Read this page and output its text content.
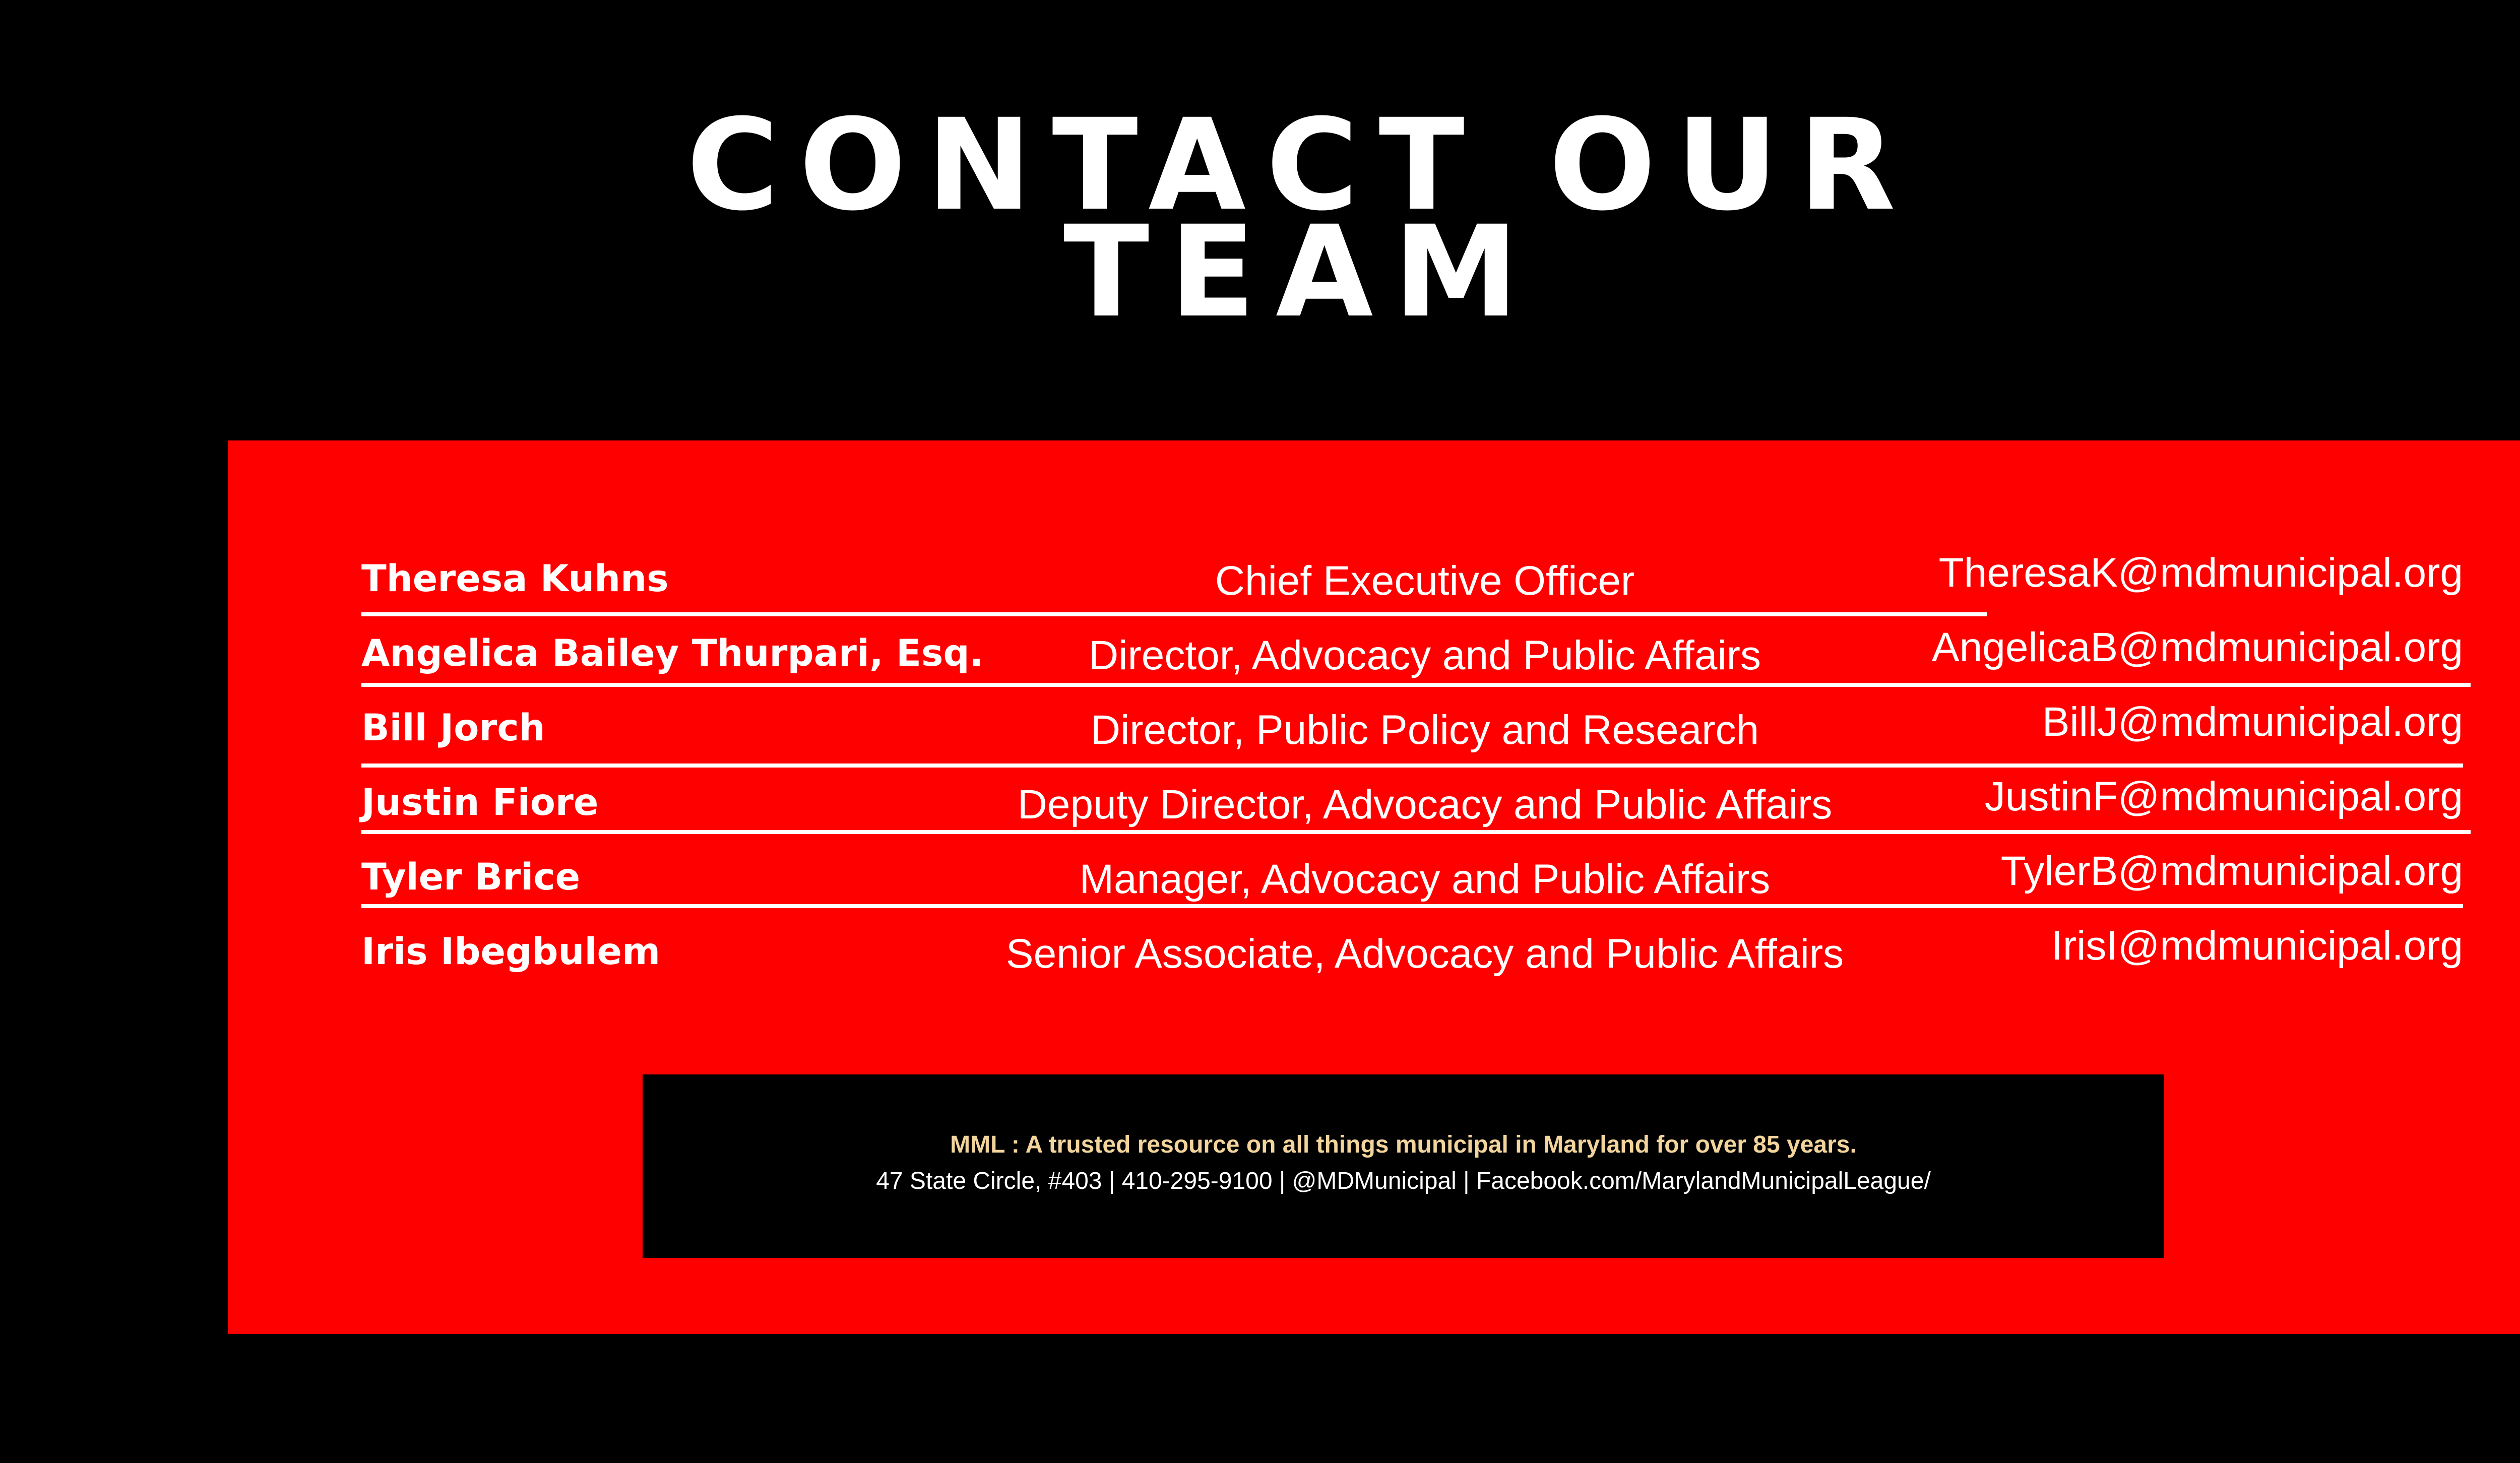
CONTACT OUR
TEAM
Theresa Kuhns	Chief Executive Officer	TheresaK@mdmunicipal.org
Angelica Bailey Thurpari, Esq.	Director, Advocacy and Public Affairs	AngelicaB@mdmunicipal.org
Bill Jorch	Director, Public Policy and Research	BillJ@mdmunicipal.org
Justin Fiore	Deputy Director, Advocacy and Public Affairs	JustinF@mdmunicipal.org
Tyler Brice	Manager, Advocacy and Public Affairs	TylerB@mdmunicipal.org
Iris Ibegbulem	Senior Associate, Advocacy and Public Affairs	IrisI@mdmunicipal.org
MML : A trusted resource on all things municipal in Maryland for over 85 years.
47 State Circle, #403 | 410-295-9100 | @MDMunicipal | Facebook.com/MarylandMunicipalLeague/
